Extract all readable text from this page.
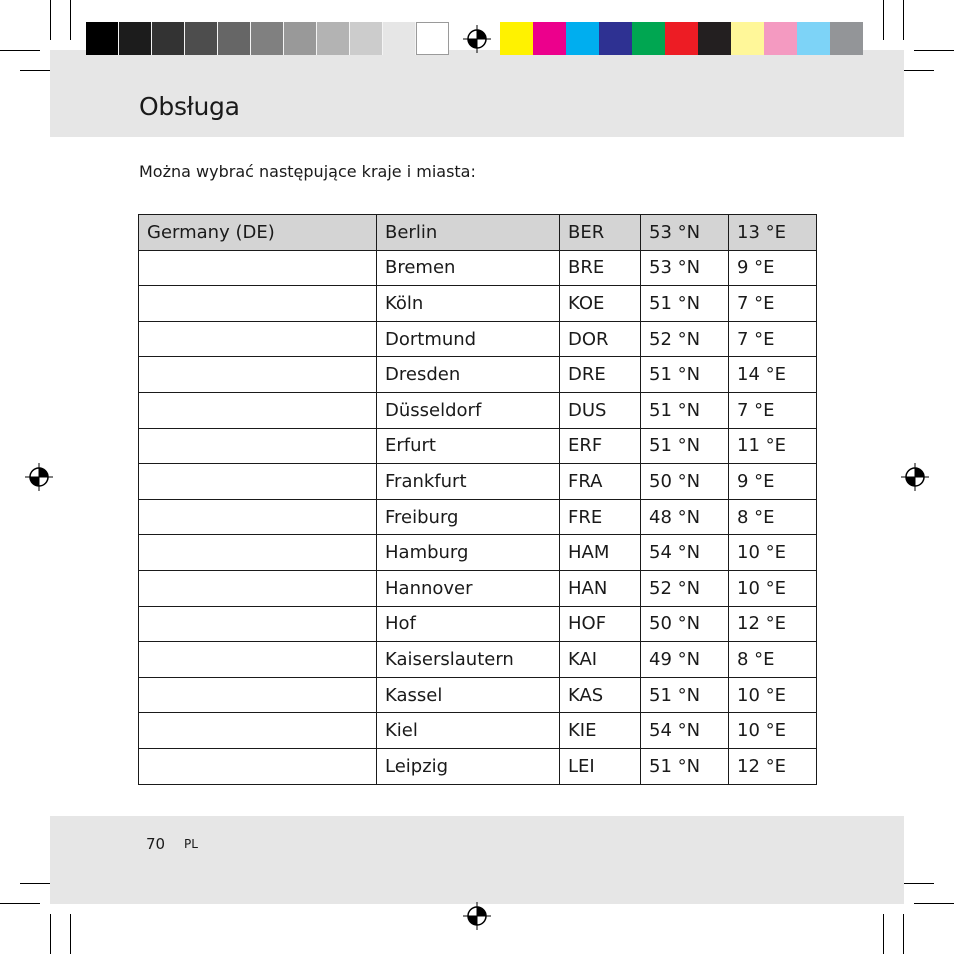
Obsługa
Można wybrać następujące kraje i miasta:
Germany (DE)	Berlin	BER	53 °N	13 °E
	Bremen	BRE	53 °N	9 °E
	Köln	KOE	51 °N	7 °E
	Dortmund	DOR	52 °N	7 °E
	Dresden	DRE	51 °N	14 °E
	Düsseldorf	DUS	51 °N	7 °E
	Erfurt	ERF	51 °N	11 °E
	Frankfurt	FRA	50 °N	9 °E
	Freiburg	FRE	48 °N	8 °E
	Hamburg	HAM	54 °N	10 °E
	Hannover	HAN	52 °N	10 °E
	Hof	HOF	50 °N	12 °E
	Kaiserslautern	KAI	49 °N	8 °E
	Kassel	KAS	51 °N	10 °E
	Kiel	KIE	54 °N	10 °E
	Leipzig	LEI	51 °N	12 °E
70 PL
